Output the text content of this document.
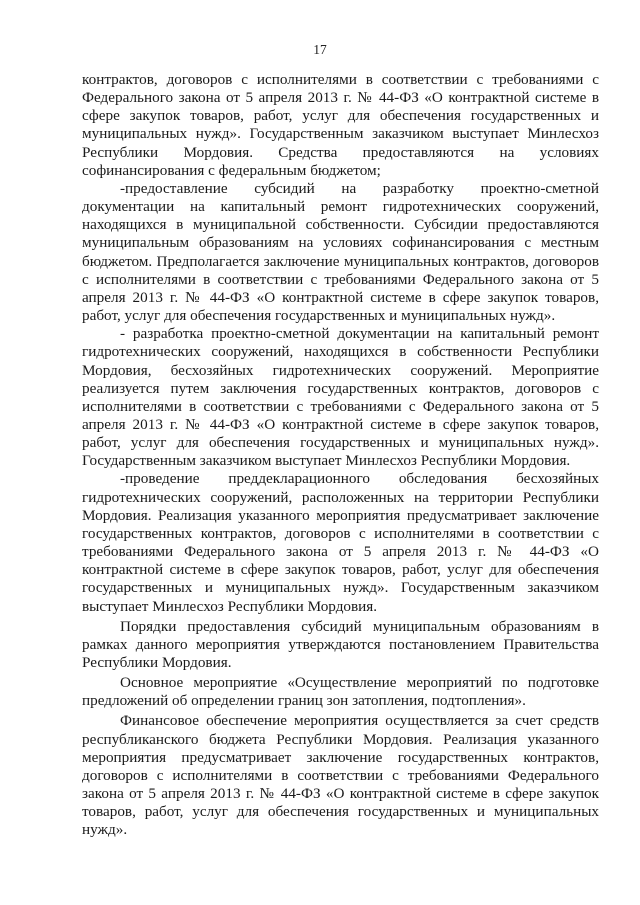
17

контрактов, договоров с исполнителями в соответствии с требованиями с Федерального закона от 5 апреля 2013 г. № 44-ФЗ «О контрактной системе в сфере закупок товаров, работ, услуг для обеспечения государственных и муниципальных нужд». Государственным заказчиком выступает Минлесхоз Республики Мордовия. Средства предоставляются на условиях софинансирования с федеральным бюджетом;

-предоставление субсидий на разработку проектно-сметной документации на капитальный ремонт гидротехнических сооружений, находящихся в муниципальной собственности. Субсидии предоставляются муниципальным образованиям на условиях софинансирования с местным бюджетом. Предполагается заключение муниципальных контрактов, договоров с исполнителями в соответствии с требованиями Федерального закона от 5 апреля 2013 г. № 44-ФЗ «О контрактной системе в сфере закупок товаров, работ, услуг для обеспечения государственных и муниципальных нужд».

- разработка проектно-сметной документации на капитальный ремонт гидротехнических сооружений, находящихся в собственности Республики Мордовия, бесхозяйных гидротехнических сооружений. Мероприятие реализуется путем заключения государственных контрактов, договоров с исполнителями в соответствии с требованиями с Федерального закона от 5 апреля 2013 г. № 44-ФЗ «О контрактной системе в сфере закупок товаров, работ, услуг для обеспечения государственных и муниципальных нужд». Государственным заказчиком выступает Минлесхоз Республики Мордовия.

-проведение преддекларационного обследования бесхозяйных гидротехнических сооружений, расположенных на территории Республики Мордовия. Реализация указанного мероприятия предусматривает заключение государственных контрактов, договоров с исполнителями в соответствии с требованиями Федерального закона от 5 апреля 2013 г. № 44-ФЗ «О контрактной системе в сфере закупок товаров, работ, услуг для обеспечения государственных и муниципальных нужд». Государственным заказчиком выступает Минлесхоз Республики Мордовия.

Порядки предоставления субсидий муниципальным образованиям в рамках данного мероприятия утверждаются постановлением Правительства Республики Мордовия.

Основное мероприятие «Осуществление мероприятий по подготовке предложений об определении границ зон затопления, подтопления».

Финансовое обеспечение мероприятия осуществляется за счет средств республиканского бюджета Республики Мордовия. Реализация указанного мероприятия предусматривает заключение государственных контрактов, договоров с исполнителями в соответствии с требованиями Федерального закона от 5 апреля 2013 г. № 44-ФЗ «О контрактной системе в сфере закупок товаров, работ, услуг для обеспечения государственных и муниципальных нужд».
